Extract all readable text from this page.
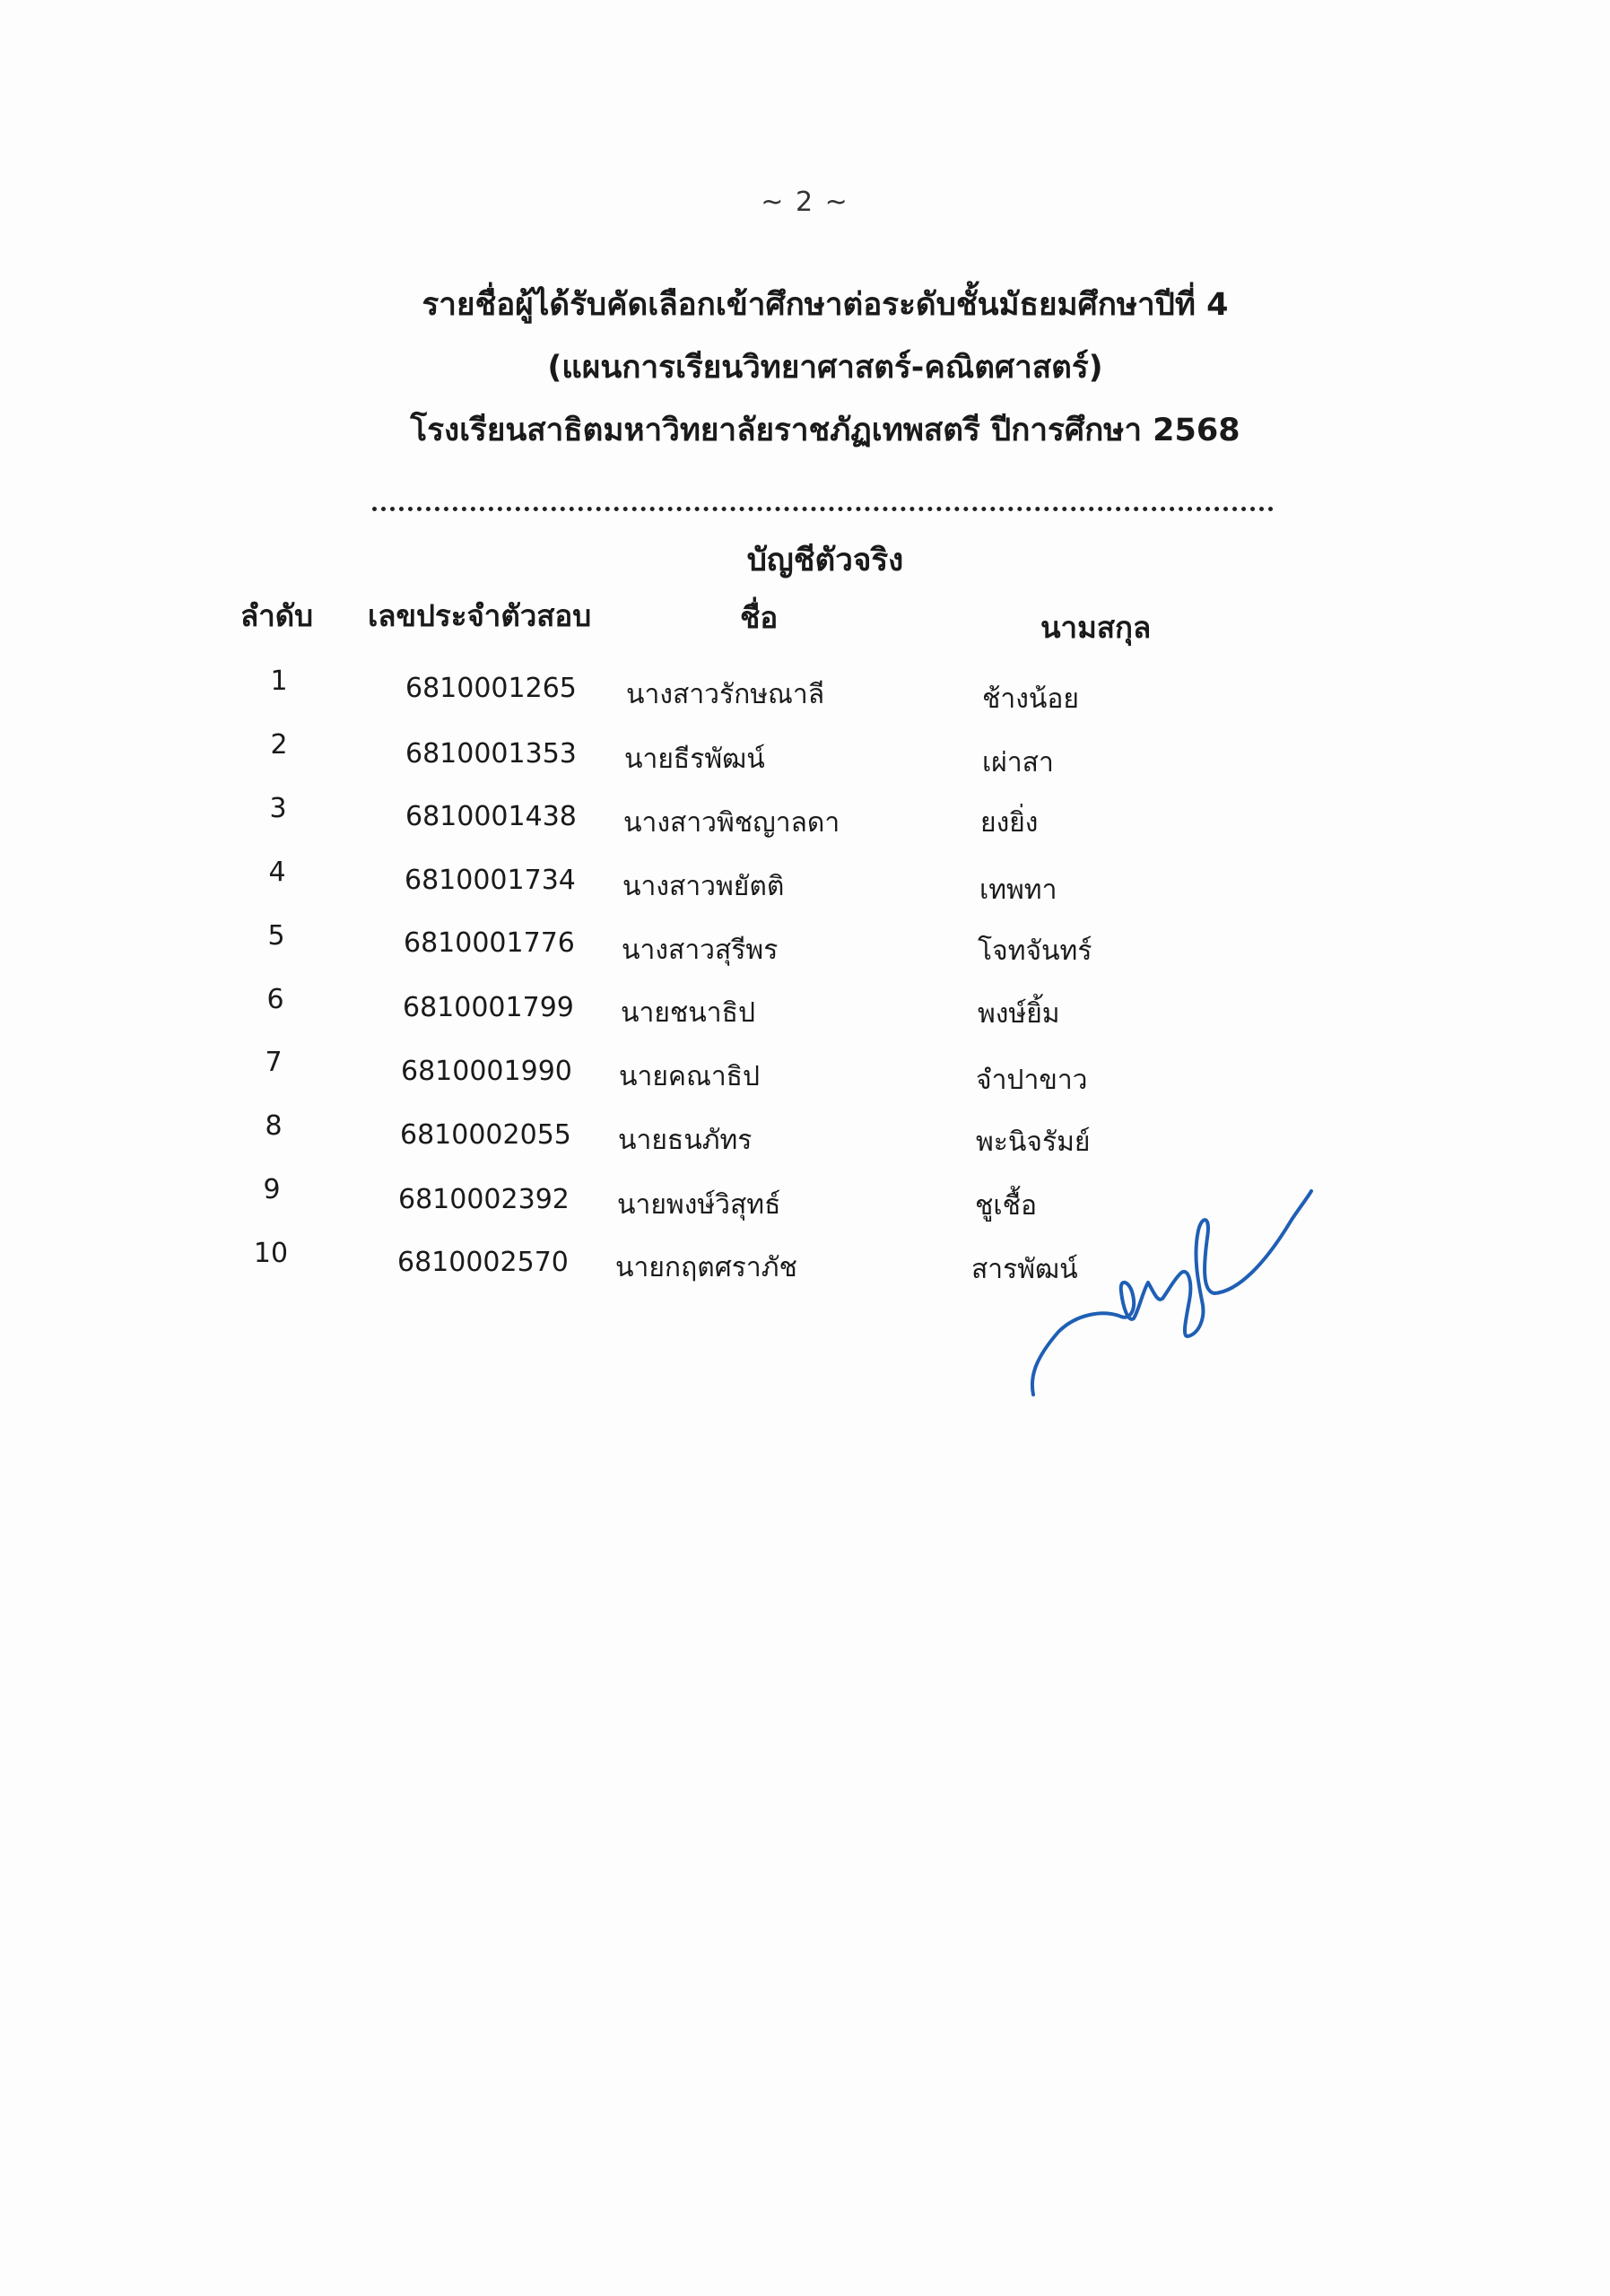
~ 2 ~
รายชื่อผู้ได้รับคัดเลือกเข้าศึกษาต่อระดับชั้นมัธยมศึกษาปีที่ 4
(แผนการเรียนวิทยาศาสตร์-คณิตศาสตร์)
โรงเรียนสาธิตมหาวิทยาลัยราชภัฏเทพสตรี ปีการศึกษา 2568
บัญชีตัวจริง
ลำดับ เลขประจำตัวสอบ	ชื่อ	นามสกุล
1	6810001265 นางสาวรักษณาลี	ช้างน้อย
2	6810001353 นายธีรพัฒน์	เผ่าสา
3	6810001438 นางสาวพิชญาลดา	ยงยิ่ง
4	6810001734 นางสาวพยัตติ	เทพทา
5	6810001776 นางสาวสุรีพร	โจทจันทร์
6	6810001799 นายชนาธิป	พงษ์ยิ้ม
7	6810001990 นายคณาธิป	จำปาขาว
8	6810002055 นายธนภัทร	พะนิจรัมย์
9	6810002392 นายพงษ์วิสุทธ์	ชูเชื้อ
10	6810002570 นายกฤตศราภัช	สารพัฒน์
